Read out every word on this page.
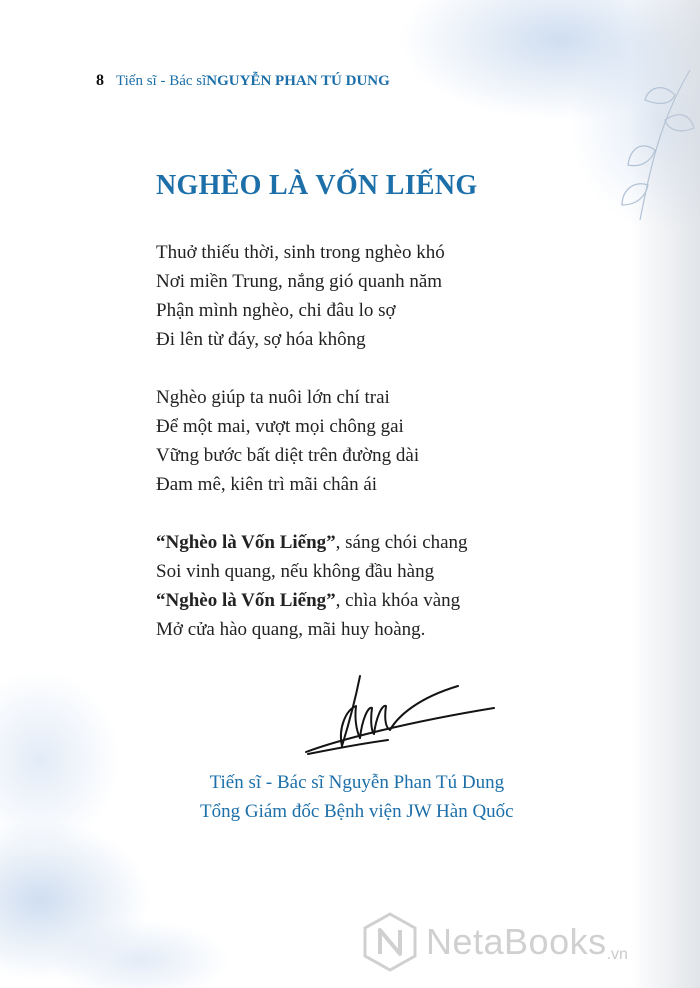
8 Tiến sĩ - Bác sĩ NGUYỄN PHAN TÚ DUNG
NGHÈO LÀ VỐN LIẾNG
Thuở thiếu thời, sinh trong nghèo khó
Nơi miền Trung, nắng gió quanh năm
Phận mình nghèo, chi đâu lo sợ
Đi lên từ đáy, sợ hóa không
Nghèo giúp ta nuôi lớn chí trai
Để một mai, vượt mọi chông gai
Vững bước bất diệt trên đường dài
Đam mê, kiên trì mãi chân ái
“Nghèo là Vốn Liếng”, sáng chói chang
Soi vinh quang, nếu không đầu hàng
“Nghèo là Vốn Liếng”, chìa khóa vàng
Mở cửa hào quang, mãi huy hoàng.
Tiến sĩ - Bác sĩ Nguyễn Phan Tú Dung
Tổng Giám đốc Bệnh viện JW Hàn Quốc
NetaBooks .vn
